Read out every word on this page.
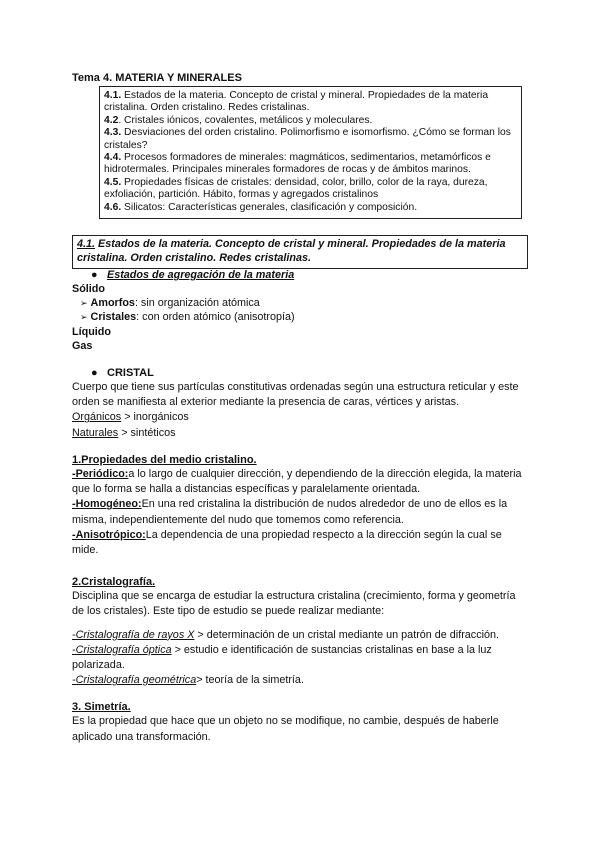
Tema 4. MATERIA Y MINERALES
4.1. Estados de la materia. Concepto de cristal y mineral. Propiedades de la materia cristalina. Orden cristalino. Redes cristalinas.
4.2. Cristales iónicos, covalentes, metálicos y moleculares.
4.3. Desviaciones del orden cristalino. Polimorfismo e isomorfismo. ¿Cómo se forman los cristales?
4.4. Procesos formadores de minerales: magmáticos, sedimentarios, metamórficos e hidrotermales. Principales minerales formadores de rocas y de ámbitos marinos.
4.5. Propiedades físicas de cristales: densidad, color, brillo, color de la raya, dureza, exfoliación, partición. Hábito, formas y agregados cristalinos
4.6. Silicatos: Características generales, clasificación y composición.
4.1. Estados de la materia. Concepto de cristal y mineral. Propiedades de la materia cristalina. Orden cristalino. Redes cristalinas.
● Estados de agregación de la materia
Sólido
➢ Amorfos: sin organización atómica
➢ Cristales: con orden atómico (anisotropía)
Líquido
Gas
● CRISTAL
Cuerpo que tiene sus partículas constitutivas ordenadas según una estructura reticular y este orden se manifiesta al exterior mediante la presencia de caras, vértices y aristas.
Orgánicos > inorgánicos
Naturales > sintéticos
1.Propiedades del medio cristalino.
-Periódico:a lo largo de cualquier dirección, y dependiendo de la dirección elegida, la materia que lo forma se halla a distancias específicas y paralelamente orientada.
-Homogéneo:En una red cristalina la distribución de nudos alrededor de uno de ellos es la misma, independientemente del nudo que tomemos como referencia.
-Anisotrópico:La dependencia de una propiedad respecto a la dirección según la cual se mide.
2.Cristalografía.
Disciplina que se encarga de estudiar la estructura cristalina (crecimiento, forma y geometría de los cristales). Este tipo de estudio se puede realizar mediante:
-Cristalografía de rayos X > determinación de un cristal mediante un patrón de difracción.
-Cristalografía óptica > estudio e identificación de sustancias cristalinas en base a la luz polarizada.
-Cristalografía geométrica> teoría de la simetría.
3. Simetría.
Es la propiedad que hace que un objeto no se modifique, no cambie, después de haberle aplicado una transformación.
